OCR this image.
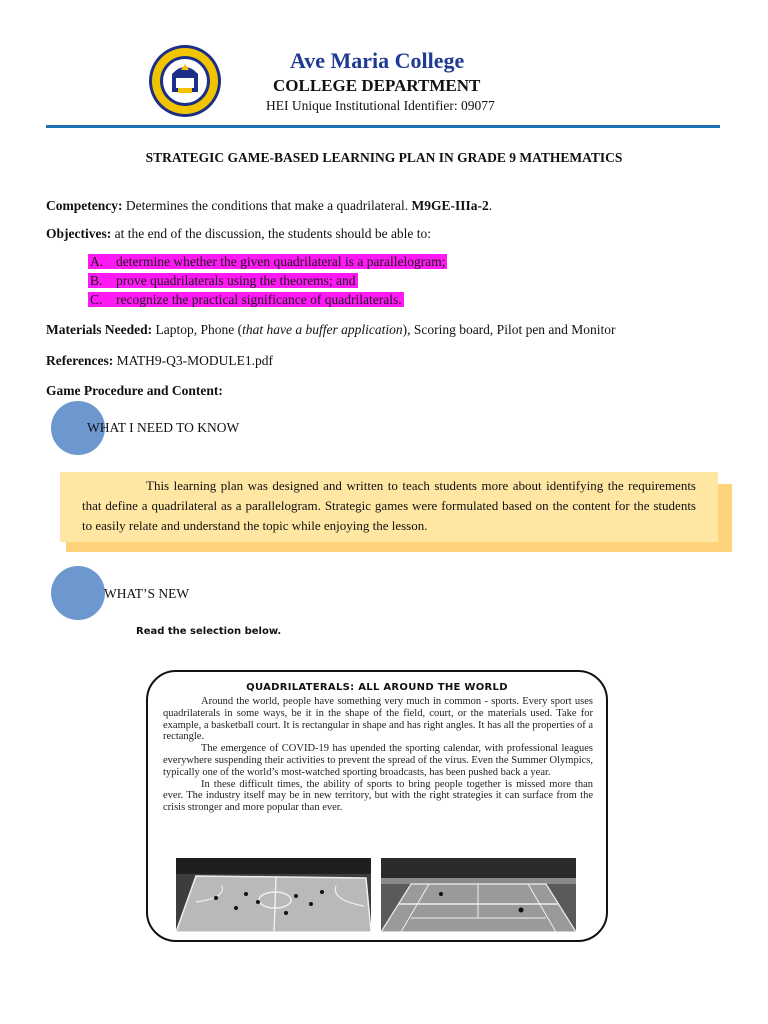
Ave Maria College
COLLEGE DEPARTMENT
HEI Unique Institutional Identifier: 09077
STRATEGIC GAME-BASED LEARNING PLAN IN GRADE 9 MATHEMATICS
Competency: Determines the conditions that make a quadrilateral. M9GE-IIIa-2.
Objectives: at the end of the discussion, the students should be able to:
A. determine whether the given quadrilateral is a parallelogram;
B. prove quadrilaterals using the theorems; and
C. recognize the practical significance of quadrilaterals.
Materials Needed: Laptop, Phone (that have a buffer application), Scoring board, Pilot pen and Monitor
References: MATH9-Q3-MODULE1.pdf
Game Procedure and Content:
WHAT I NEED TO KNOW
This learning plan was designed and written to teach students more about identifying the requirements that define a quadrilateral as a parallelogram. Strategic games were formulated based on the content for the students to easily relate and understand the topic while enjoying the lesson.
WHAT’S NEW
Read the selection below.
QUADRILATERALS: ALL AROUND THE WORLD

Around the world, people have something very much in common - sports. Every sport uses quadrilaterals in some ways, be it in the shape of the field, court, or the materials used. Take for example, a basketball court. It is rectangular in shape and has right angles. It has all the properties of a rectangle.

The emergence of COVID-19 has upended the sporting calendar, with professional leagues everywhere suspending their activities to prevent the spread of the virus. Even the Summer Olympics, typically one of the world’s most-watched sporting broadcasts, has been pushed back a year.

In these difficult times, the ability of sports to bring people together is missed more than ever. The industry itself may be in new territory, but with the right strategies it can surface from the crisis stronger and more popular than ever.
